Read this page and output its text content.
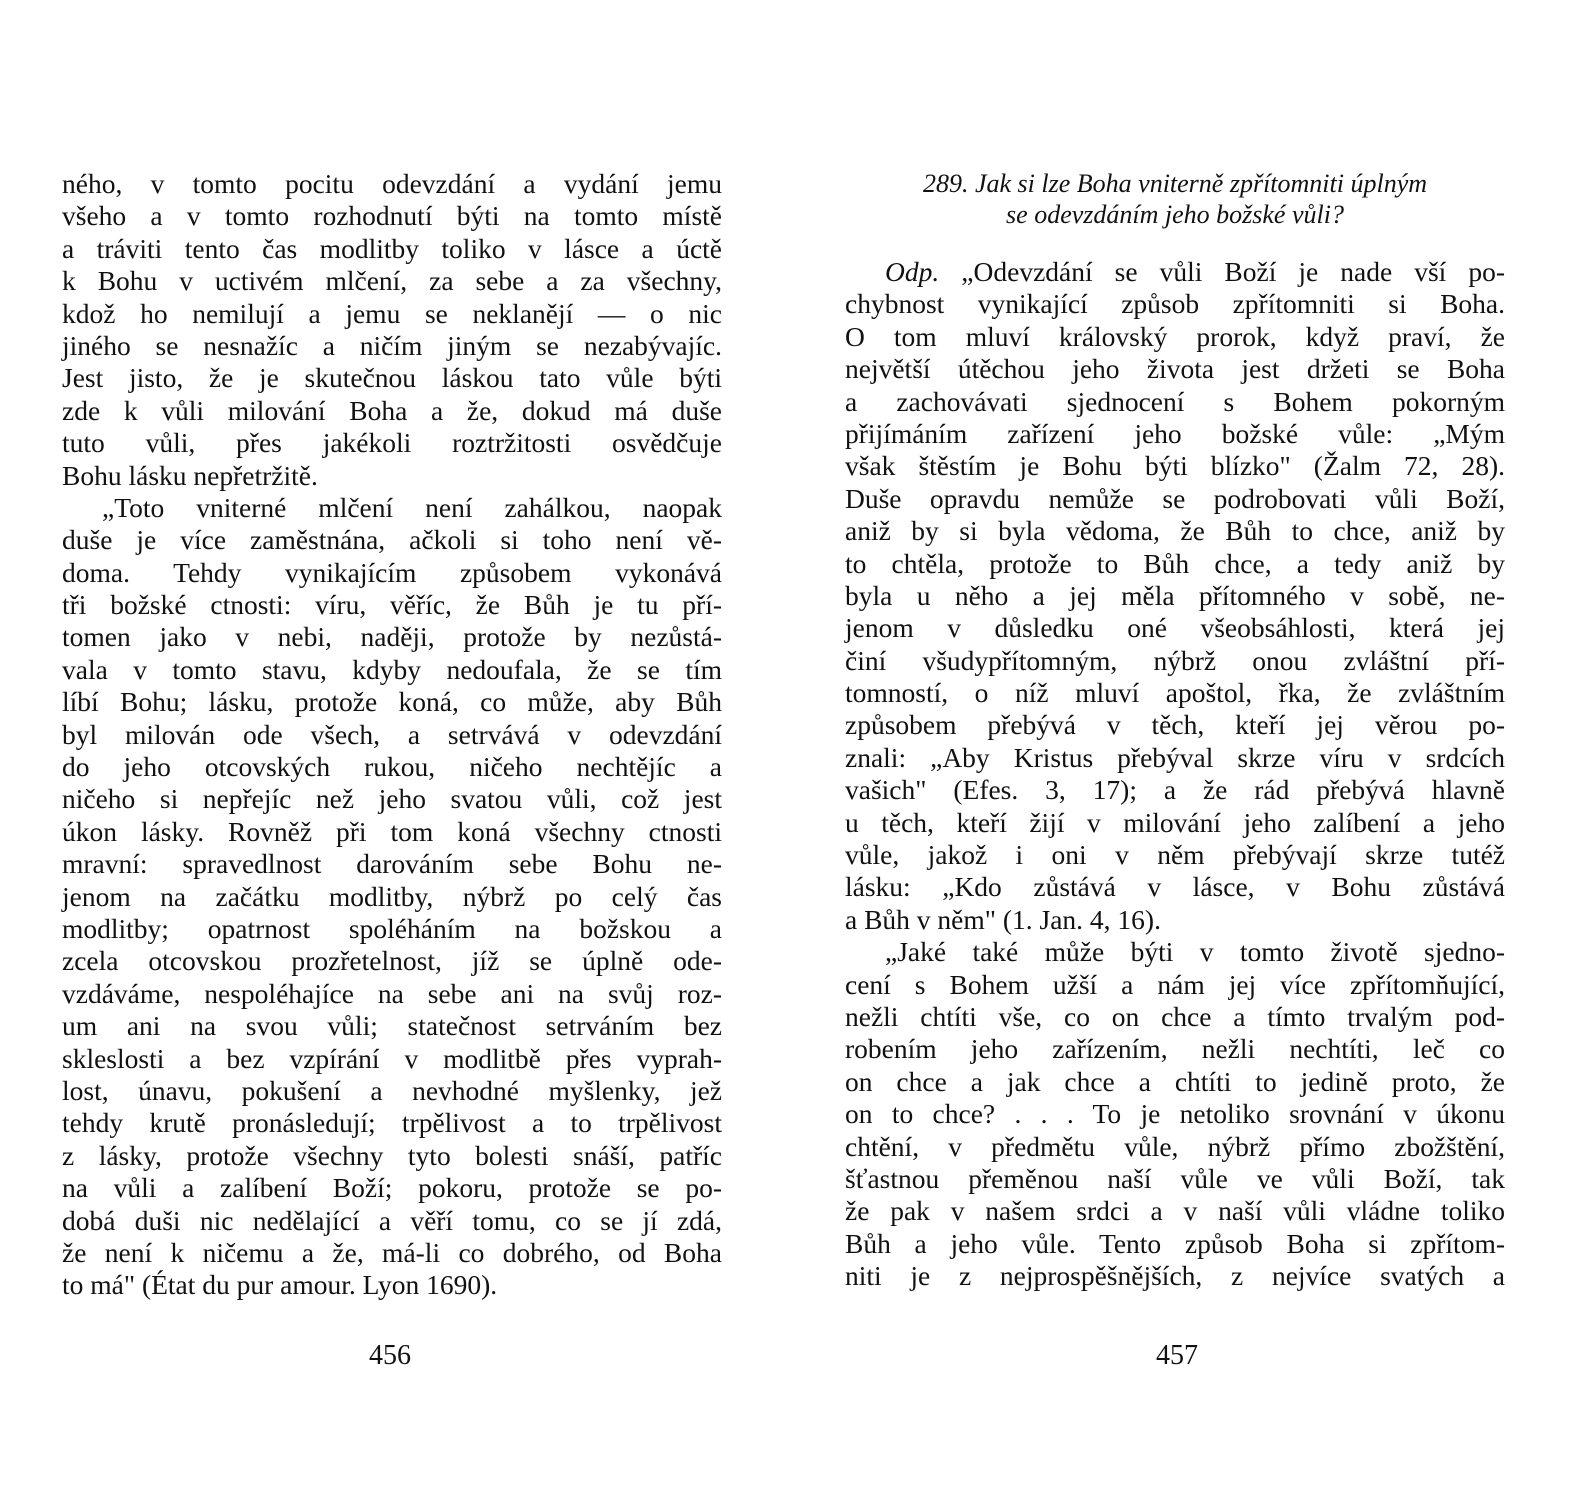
ného, v tomto pocitu odevzdání a vydání jemu
všeho a v tomto rozhodnutí býti na tomto místě
a tráviti tento čas modlitby toliko v lásce a úctě
k Bohu v uctivém mlčení, za sebe a za všechny,
kdož ho nemilují a jemu se neklanějí — o nic
jiného se nesnažíc a ničím jiným se nezabývajíc.
Jest jisto, že je skutečnou láskou tato vůle býti
zde k vůli milování Boha a že, dokud má duše
tuto vůli, přes jakékoli roztržitosti osvědčuje
Bohu lásku nepřetržitě.
„Toto vniterné mlčení není zahálkou, naopak
duše je více zaměstnána, ačkoli si toho není vě-
doma. Tehdy vynikajícím způsobem vykonává
tři božské ctnosti: víru, věříc, že Bůh je tu pří-
tomen jako v nebi, naději, protože by nezůstá-
vala v tomto stavu, kdyby nedoufala, že se tím
líbí Bohu; lásku, protože koná, co může, aby Bůh
byl milován ode všech, a setrvává v odevzdání
do jeho otcovských rukou, ničeho nechtějíc a
ničeho si nepřejíc než jeho svatou vůli, což jest
úkon lásky. Rovněž při tom koná všechny ctnosti
mravní: spravedlnost darováním sebe Bohu ne-
jenom na začátku modlitby, nýbrž po celý čas
modlitby; opatrnost spoléháním na božskou a
zcela otcovskou prozřetelnost, jíž se úplně ode-
vzdáváme, nespoléhajíce na sebe ani na svůj roz-
um ani na svou vůli; statečnost setrváním bez
skleslosti a bez vzpírání v modlitbě přes vyprah-
lost, únavu, pokušení a nevhodné myšlenky, jež
tehdy krutě pronásledují; trpělivost a to trpělivost
z lásky, protože všechny tyto bolesti snáší, patříc
na vůli a zalíbení Boží; pokoru, protože se po-
dobá duši nic nedělající a věří tomu, co se jí zdá,
že není k ničemu a že, má-li co dobrého, od Boha
to má" (État du pur amour. Lyon 1690).
456
289. Jak si lze Boha vniterně zpřítomniti úplným
se odevzdáním jeho božské vůli?
Odp. „Odevzdání se vůli Boží je nade vší po-
chybnost vynikající způsob zpřítomniti si Boha.
O tom mluví královský prorok, když praví, že
největší útěchou jeho života jest držeti se Boha
a zachovávati sjednocení s Bohem pokorným
přijímáním zařízení jeho božské vůle: „Mým
však štěstím je Bohu býti blízko" (Žalm 72, 28).
Duše opravdu nemůže se podrobovati vůli Boží,
aniž by si byla vědoma, že Bůh to chce, aniž by
to chtěla, protože to Bůh chce, a tedy aniž by
byla u něho a jej měla přítomného v sobě, ne-
jenom v důsledku oné všeobsáhlosti, která jej
činí všudypřítomným, nýbrž onou zvláštní pří-
tomností, o níž mluví apoštol, řka, že zvláštním
způsobem přebývá v těch, kteří jej věrou po-
znali: „Aby Kristus přebýval skrze víru v srdcích
vašich" (Efes. 3, 17); a že rád přebývá hlavně
u těch, kteří žijí v milování jeho zalíbení a jeho
vůle, jakož i oni v něm přebývají skrze tutéž
lásku: „Kdo zůstává v lásce, v Bohu zůstává
a Bůh v něm" (1. Jan. 4, 16).
„Jaké také může býti v tomto životě sjedno-
cení s Bohem užší a nám jej více zpřítomňující,
nežli chtíti vše, co on chce a tímto trvalým pod-
robením jeho zařízením, nežli nechtíti, leč co
on chce a jak chce a chtíti to jedině proto, že
on to chce? . . . To je netoliko srovnání v úkonu
chtění, v předmětu vůle, nýbrž přímo zbožštění,
šťastnou přeměnou naší vůle ve vůli Boží, tak
že pak v našem srdci a v naší vůli vládne toliko
Bůh a jeho vůle. Tento způsob Boha si zpřítom-
niti je z nejprospěšnějších, z nejvíce svatých a
457
